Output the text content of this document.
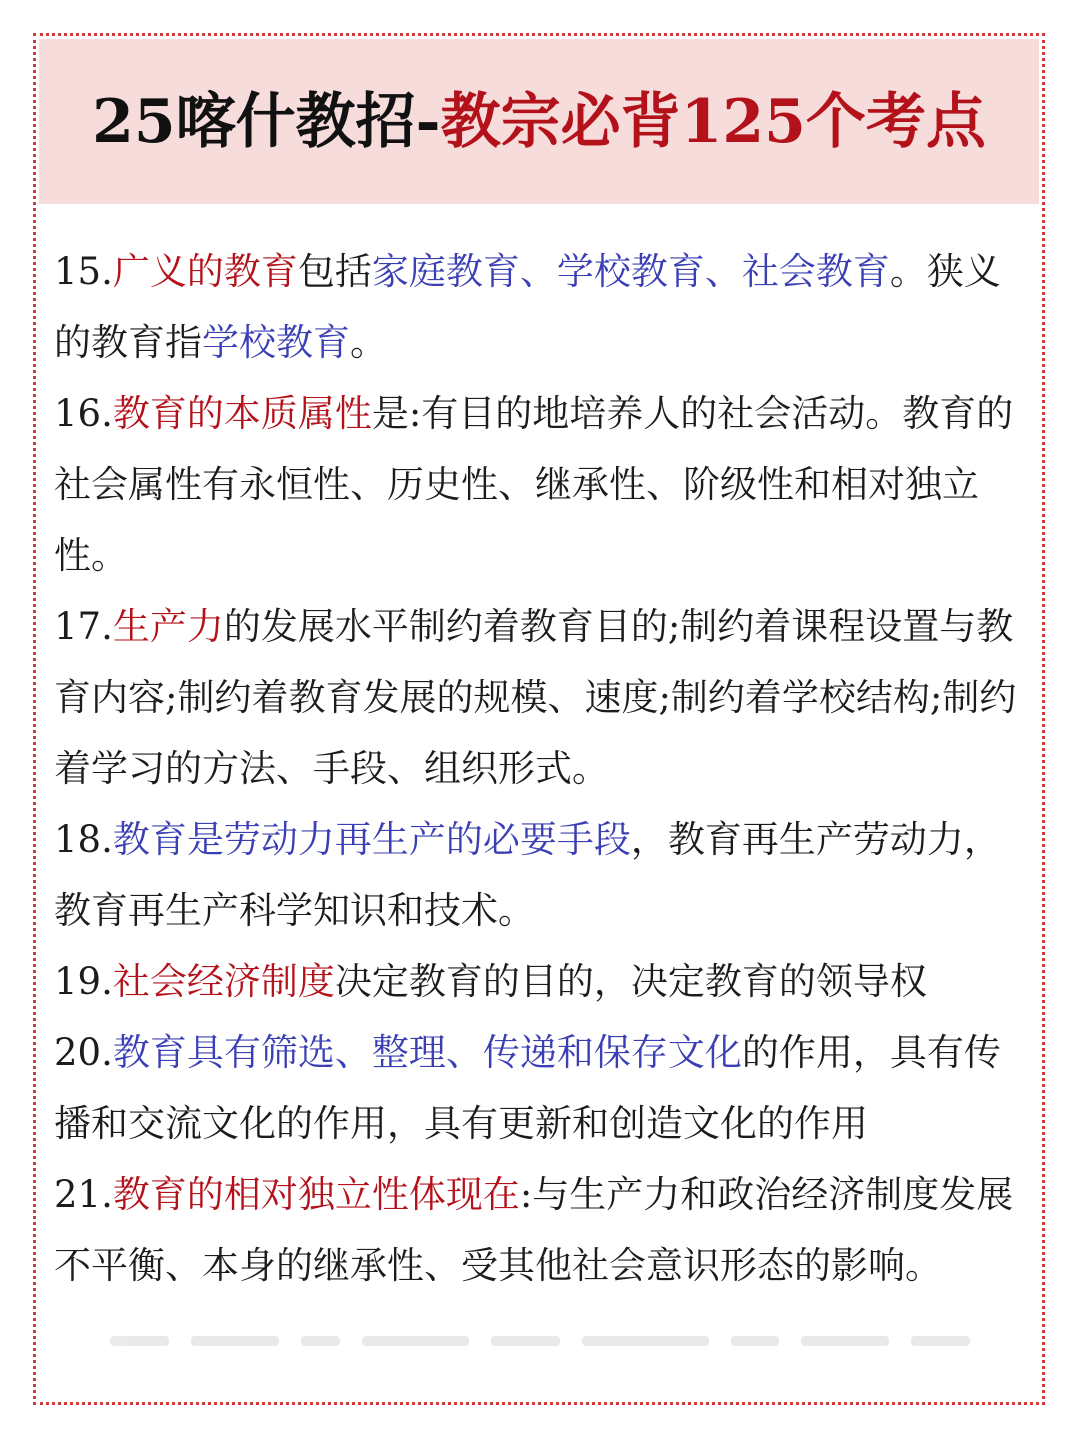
25喀什教招-教宗必背125个考点

15.广义的教育包括家庭教育、学校教育、社会教育。狭义的教育指学校教育。

16.教育的本质属性是:有目的地培养人的社会活动。教育的社会属性有永恒性、历史性、继承性、阶级性和相对独立性。

17.生产力的发展水平制约着教育目的;制约着课程设置与教育内容;制约着教育发展的规模、速度;制约着学校结构;制约着学习的方法、手段、组织形式。

18.教育是劳动力再生产的必要手段，教育再生产劳动力，教育再生产科学知识和技术。

19.社会经济制度决定教育的目的，决定教育的领导权

20.教育具有筛选、整理、传递和保存文化的作用，具有传播和交流文化的作用，具有更新和创造文化的作用

21.教育的相对独立性体现在:与生产力和政治经济制度发展不平衡、本身的继承性、受其他社会意识形态的影响。
